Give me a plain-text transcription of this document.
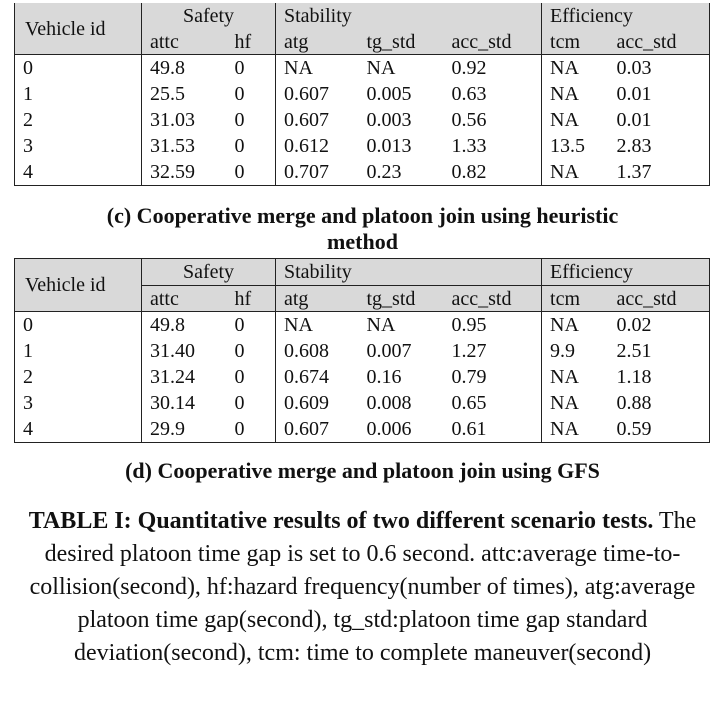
Vehicle id	Safety		Stability			Efficiency	
	attc	hf	atg	tg_std	acc_std	tcm	acc_std
0	49.8	0	NA	NA	0.92	NA	0.03
1	25.5	0	0.607	0.005	0.63	NA	0.01
2	31.03	0	0.607	0.003	0.56	NA	0.01
3	31.53	0	0.612	0.013	1.33	13.5	2.83
4	32.59	0	0.707	0.23	0.82	NA	1.37
(c) Cooperative merge and platoon join using heuristic method
Vehicle id	Safety		Stability			Efficiency	
	attc	hf	atg	tg_std	acc_std	tcm	acc_std
0	49.8	0	NA	NA	0.95	NA	0.02
1	31.40	0	0.608	0.007	1.27	9.9	2.51
2	31.24	0	0.674	0.16	0.79	NA	1.18
3	30.14	0	0.609	0.008	0.65	NA	0.88
4	29.9	0	0.607	0.006	0.61	NA	0.59
(d) Cooperative merge and platoon join using GFS
TABLE I: Quantitative results of two different scenario tests. The desired platoon time gap is set to 0.6 second. attc:average time-to-collision(second), hf:hazard frequency(number of times), atg:average platoon time gap(second), tg_std:platoon time gap standard deviation(second), tcm: time to complete maneuver(second)
